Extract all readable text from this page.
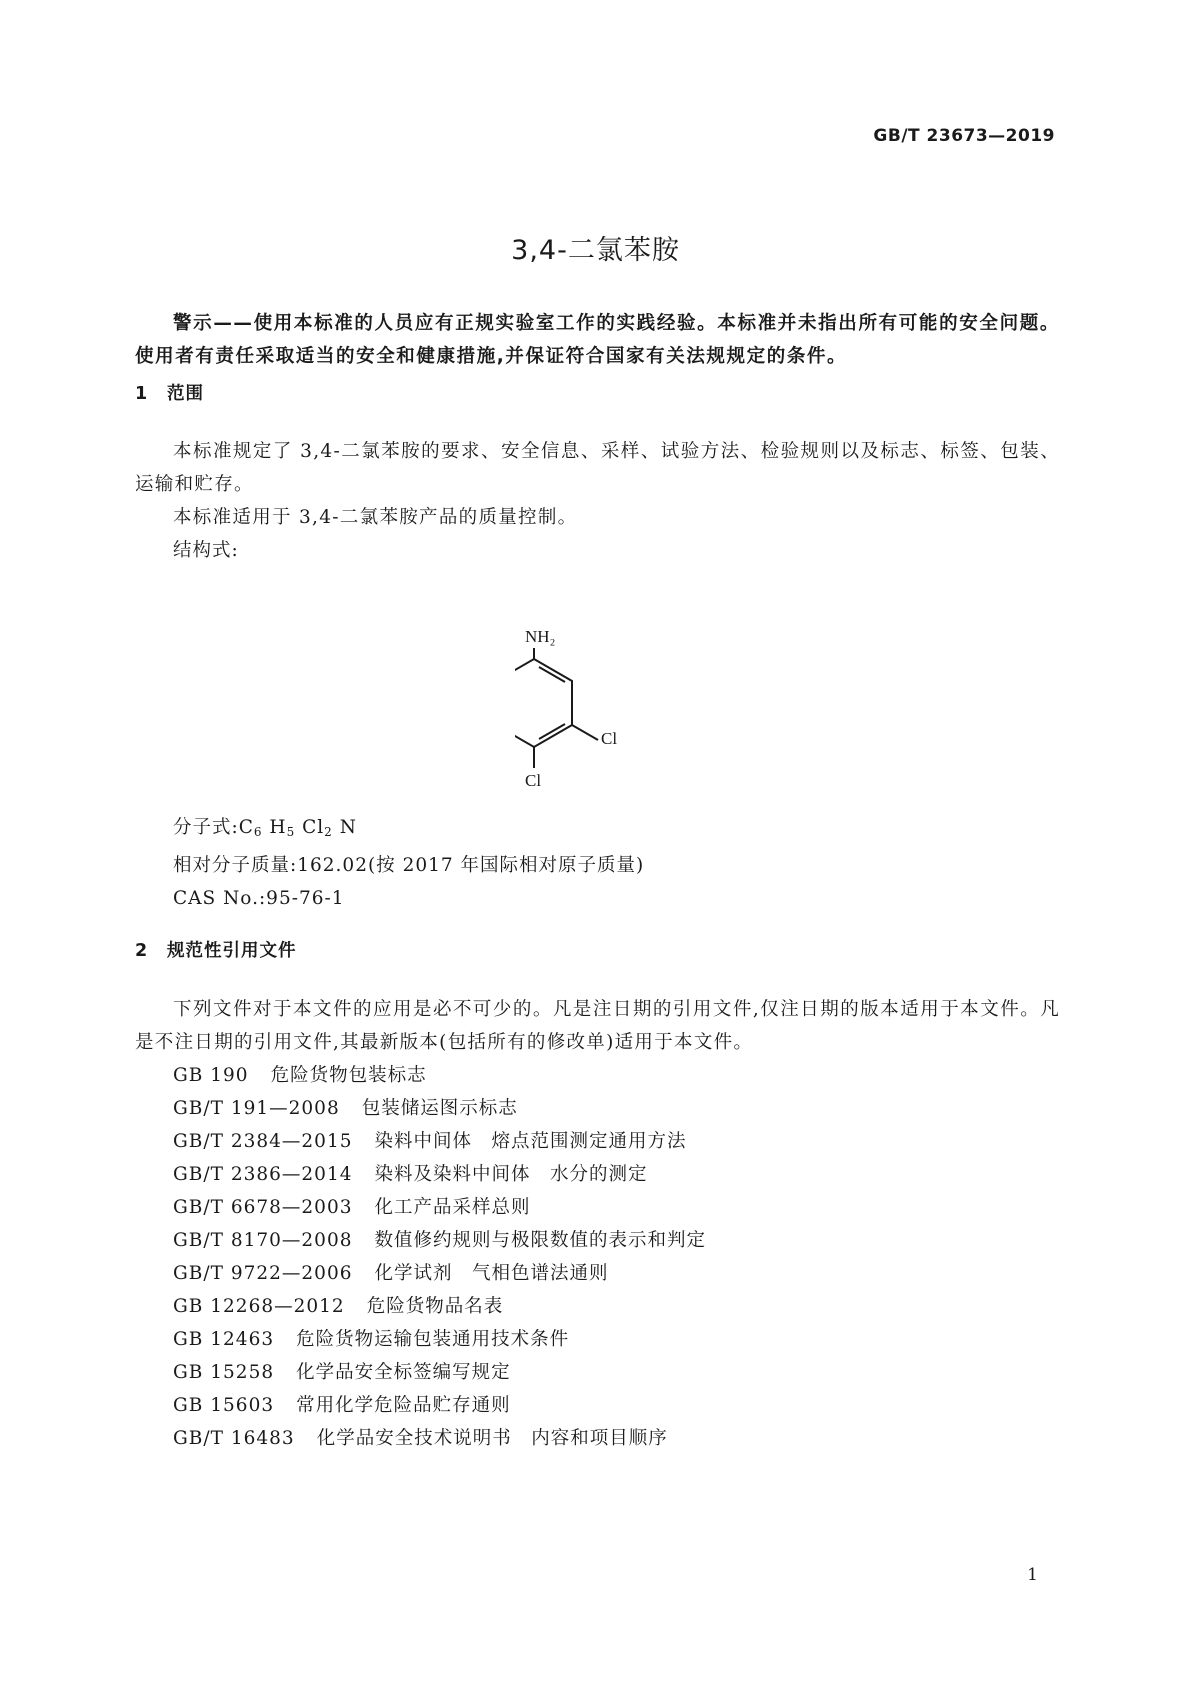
GB/T 23673—2019
3,4-二氯苯胺
警示——使用本标准的人员应有正规实验室工作的实践经验。本标准并未指出所有可能的安全问题。使用者有责任采取适当的安全和健康措施,并保证符合国家有关法规规定的条件。
1 范围

本标准规定了 3,4-二氯苯胺的要求、安全信息、采样、试验方法、检验规则以及标志、标签、包装、运输和贮存。

本标准适用于 3,4-二氯苯胺产品的质量控制。

结构式:

NH₂
Cl
Cl

分子式$:C_6$ $H_5$ $Cl_2$ N

相对分子质量:162.02(按 2017 年国际相对原子质量)

CAS No.:95-76-1

2 规范性引用文件

下列文件对于本文件的应用是必不可少的。凡是注日期的引用文件,仅注日期的版本适用于本文件。凡是不注日期的引用文件,其最新版本(包括所有的修改单)适用于本文件。

GB 190 危险货物包装标志

GB/T 191—2008 包装储运图示标志

GB/T 2384—2015 染料中间体　熔点范围测定通用方法

GB/T 2386—2014 染料及染料中间体　水分的测定

GB/T 6678—2003 化工产品采样总则

GB/T 8170—2008 数值修约规则与极限数值的表示和判定

GB/T 9722—2006 化学试剂　气相色谱法通则

GB 12268—2012 危险货物品名表

GB 12463 危险货物运输包装通用技术条件

GB 15258 化学品安全标签编写规定

GB 15603 常用化学危险品贮存通则

GB/T 16483 化学品安全技术说明书　内容和项目顺序

1
